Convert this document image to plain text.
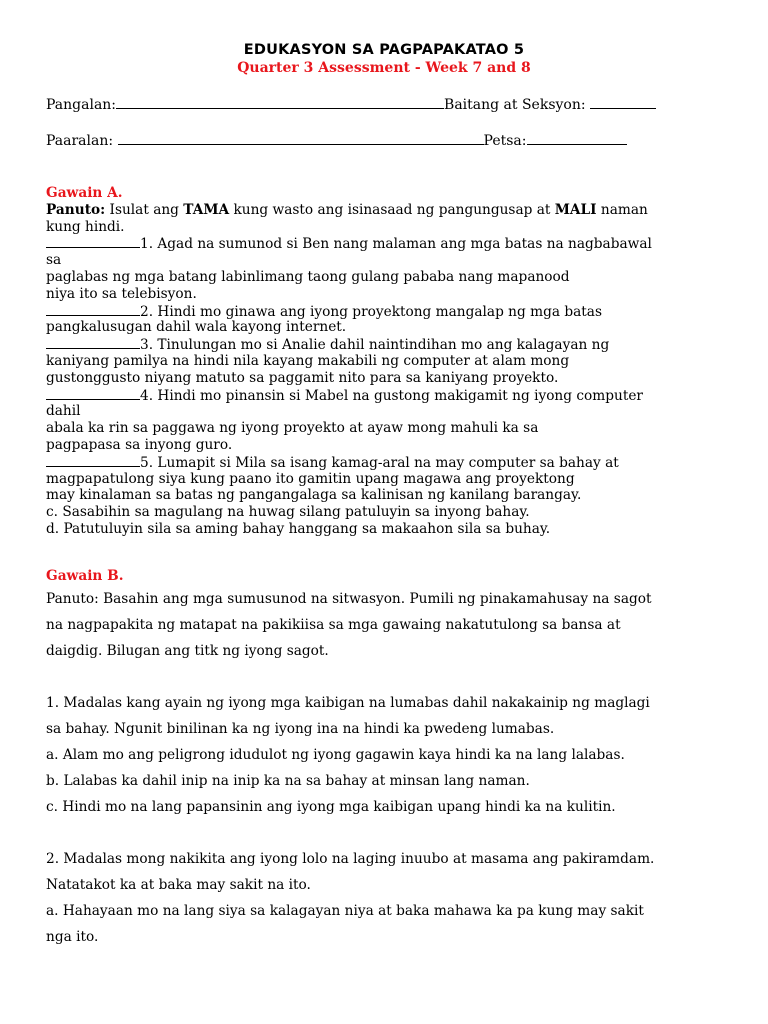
EDUKASYON SA PAGPAPAKATAO 5
Quarter 3 Assessment - Week 7 and 8
Pangalan:	Baitang at Seksyon:
Paaralan:	Petsa:
Gawain A.
Panuto: Isulat ang TAMA kung wasto ang isinasaad ng pangungusap at MALI naman
kung hindi.
1. Agad na sumunod si Ben nang malaman ang mga batas na nagbabawal
sa
paglabas ng mga batang labinlimang taong gulang pababa nang mapanood
niya ito sa telebisyon.
2. Hindi mo ginawa ang iyong proyektong mangalap ng mga batas
pangkalusugan dahil wala kayong internet.
3. Tinulungan mo si Analie dahil naintindihan mo ang kalagayan ng
kaniyang pamilya na hindi nila kayang makabili ng computer at alam mong
gustonggusto niyang matuto sa paggamit nito para sa kaniyang proyekto.
4. Hindi mo pinansin si Mabel na gustong makigamit ng iyong computer
dahil
abala ka rin sa paggawa ng iyong proyekto at ayaw mong mahuli ka sa
pagpapasa sa inyong guro.
5. Lumapit si Mila sa isang kamag-aral na may computer sa bahay at
magpapatulong siya kung paano ito gamitin upang magawa ang proyektong
may kinalaman sa batas ng pangangalaga sa kalinisan ng kanilang barangay.
c. Sasabihin sa magulang na huwag silang patuluyin sa inyong bahay.
d. Patutuluyin sila sa aming bahay hanggang sa makaahon sila sa buhay.
Gawain B.
Panuto: Basahin ang mga sumusunod na sitwasyon. Pumili ng pinakamahusay na sagot
na nagpapakita ng matapat na pakikiisa sa mga gawaing nakatutulong sa bansa at
daigdig. Bilugan ang titk ng iyong sagot.
1. Madalas kang ayain ng iyong mga kaibigan na lumabas dahil nakakainip ng maglagi
sa bahay. Ngunit binilinan ka ng iyong ina na hindi ka pwedeng lumabas.
a. Alam mo ang peligrong idudulot ng iyong gagawin kaya hindi ka na lang lalabas.
b. Lalabas ka dahil inip na inip ka na sa bahay at minsan lang naman.
c. Hindi mo na lang papansinin ang iyong mga kaibigan upang hindi ka na kulitin.
2. Madalas mong nakikita ang iyong lolo na laging inuubo at masama ang pakiramdam.
Natatakot ka at baka may sakit na ito.
a. Hahayaan mo na lang siya sa kalagayan niya at baka mahawa ka pa kung may sakit
nga ito.
